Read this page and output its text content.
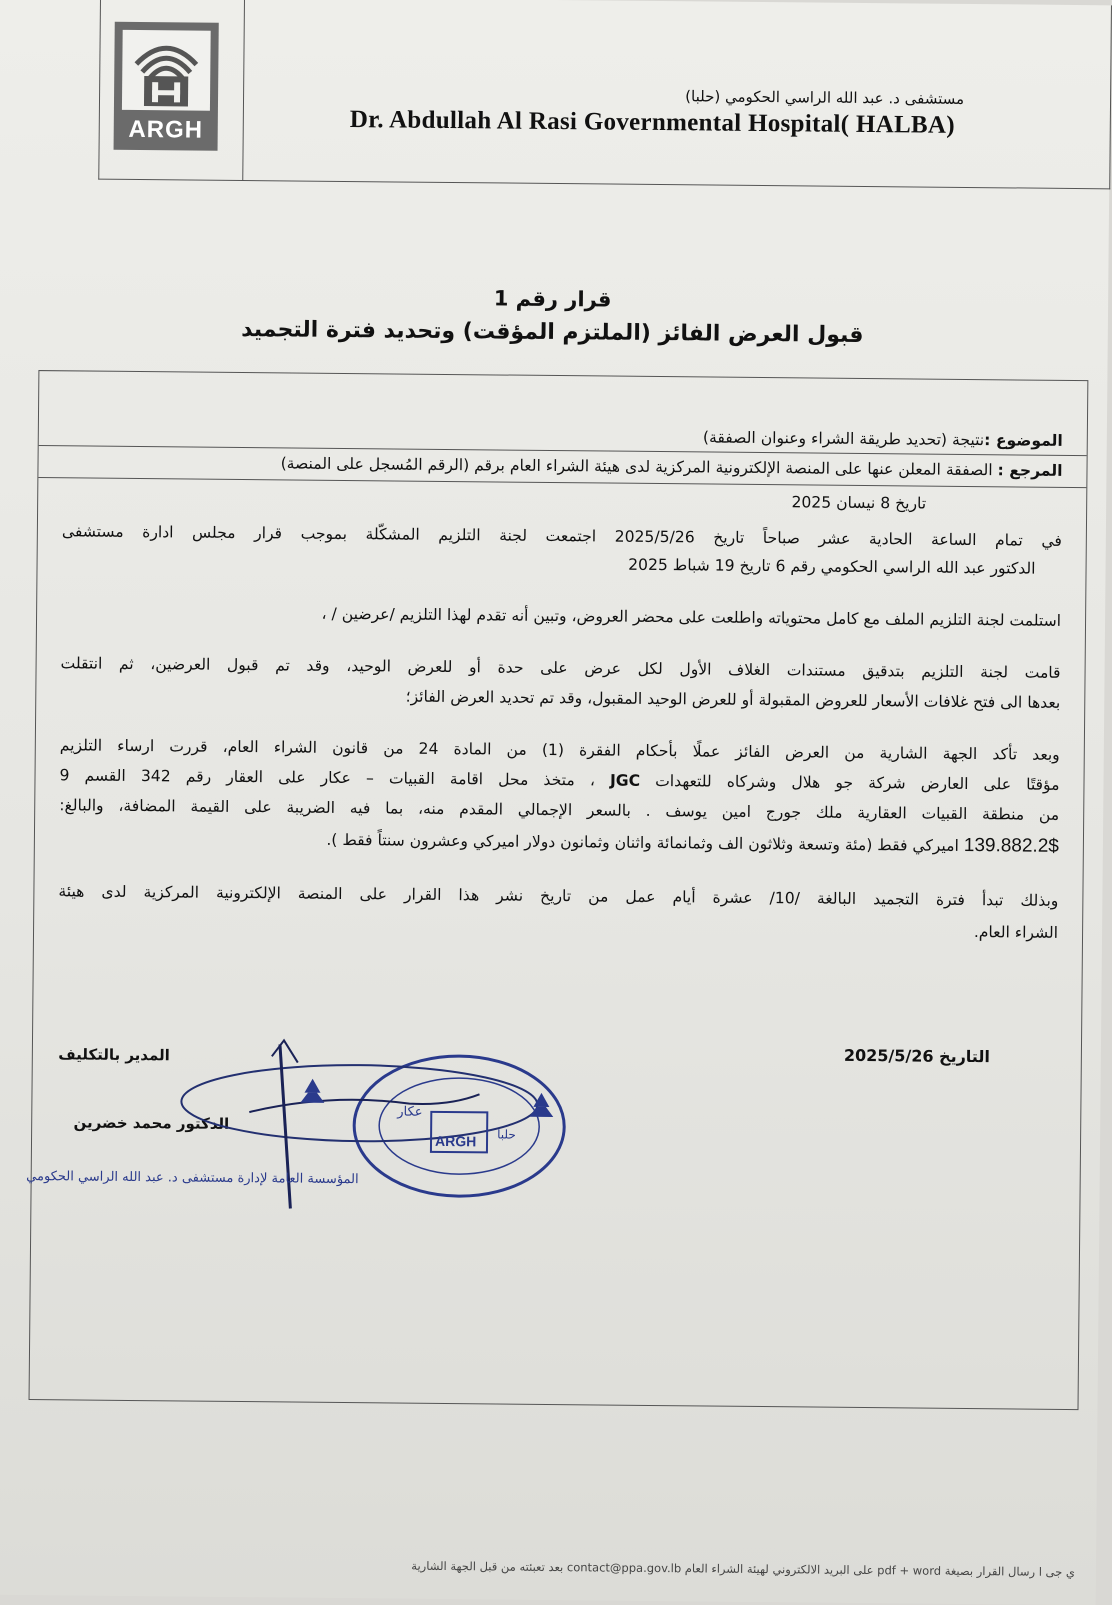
ARGH
مستشفى د. عبد الله الراسي الحكومي (حلبا)
Dr. Abdullah Al Rasi Governmental Hospital( HALBA)
قرار رقم 1
قبول العرض الفائز (الملتزم المؤقت) وتحديد فترة التجميد
الموضوع :نتيجة (تحديد طريقة الشراء وعنوان الصفقة)
المرجع : الصفقة المعلن عنها على المنصة الإلكترونية المركزية لدى هيئة الشراء العام برقم (الرقم المُسجل على المنصة)
تاريخ 8 نيسان 2025
في تمام الساعة الحادية عشر صباحاً تاريخ 2025/5/26 اجتمعت لجنة التلزيم المشكّلة بموجب قرار مجلس ادارة مستشفى
الدكتور عبد الله الراسي الحكومي رقم 6 تاريخ 19 شباط 2025
استلمت لجنة التلزيم الملف مع كامل محتوياته واطلعت على محضر العروض، وتبين أنه تقدم لهذا التلزيم /عرضين / ،
قامت لجنة التلزيم بتدقيق مستندات الغلاف الأول لكل عرض على حدة أو للعرض الوحيد، وقد تم قبول العرضين، ثم انتقلت
بعدها الى فتح غلافات الأسعار للعروض المقبولة أو للعرض الوحيد المقبول، وقد تم تحديد العرض الفائز؛
وبعد تأكد الجهة الشارية من العرض الفائز عملًا بأحكام الفقرة (1) من المادة 24 من قانون الشراء العام، قررت ارساء التلزيم
مؤقتًا على العارض شركة جو هلال وشركاه للتعهدات JGC ، متخذ محل اقامة القبيات – عكار على العقار رقم 342 القسم 9
من منطقة القبيات العقارية ملك جورج امين يوسف . بالسعر الإجمالي المقدم منه، بما فيه الضريبة على القيمة المضافة، والبالغ:
139.882.2$ اميركي فقط (مئة وتسعة وثلاثون الف وثمانمائة واثنان وثمانون دولار اميركي وعشرون سنتاً فقط ).
وبذلك تبدأ فترة التجميد البالغة /10/ عشرة أيام عمل من تاريخ نشر هذا القرار على المنصة الإلكترونية المركزية لدى هيئة
الشراء العام.
التاريخ 2025/5/26
المدير بالتكليف
الدكتور محمد خضرين
عكار
حلبا
ARGH
المؤسسة العامة لإدارة مستشفى د. عبد الله الراسي الحكومي
ي جى ا رسال القرار بصيغة pdf + word على البريد الالكتروني لهيئة الشراء العام contact@ppa.gov.lb بعد تعبئته من قبل الجهة الشارية
